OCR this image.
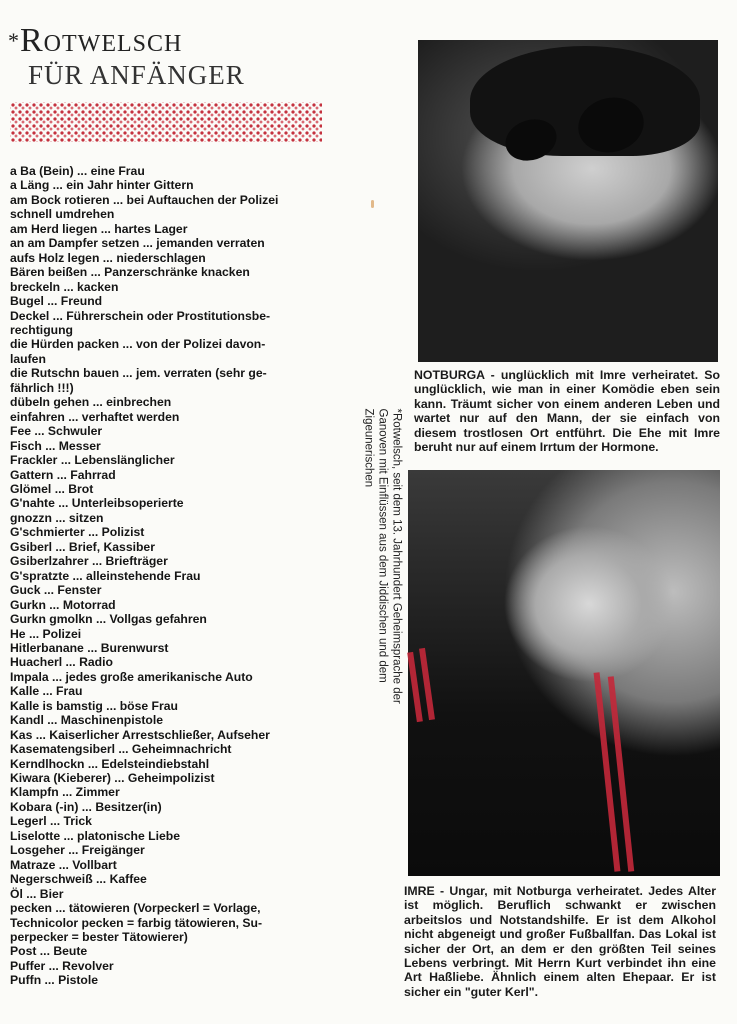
*Rotwelsch
FÜR ANFÄNGER
a Ba (Bein) ... eine Frau
a Läng ... ein Jahr hinter Gittern
am Bock rotieren ... bei Auftauchen der Polizei
schnell umdrehen
am Herd liegen ... hartes Lager
an am Dampfer setzen ... jemanden verraten
aufs Holz legen ... niederschlagen
Bären beißen ... Panzerschränke knacken
breckeln ... kacken
Bugel ... Freund
Deckel ... Führerschein oder Prostitutionsbe-
rechtigung
die Hürden packen ... von der Polizei davon-
laufen
die Rutschn bauen ... jem. verraten (sehr ge-
fährlich !!!)
dübeln gehen ... einbrechen
einfahren ... verhaftet werden
Fee ... Schwuler
Fisch ... Messer
Frackler ... Lebenslänglicher
Gattern ... Fahrrad
Glömel ... Brot
G'nahte ... Unterleibsoperierte
gnozzn ... sitzen
G'schmierter ... Polizist
Gsiberl ... Brief, Kassiber
Gsiberlzahrer ... Briefträger
G'spratzte ... alleinstehende Frau
Guck ... Fenster
Gurkn ... Motorrad
Gurkn gmolkn ... Vollgas gefahren
He ... Polizei
Hitlerbanane ... Burenwurst
Huacherl ... Radio
Impala ... jedes große amerikanische Auto
Kalle ... Frau
Kalle is bamstig ... böse Frau
Kandl ... Maschinenpistole
Kas ... Kaiserlicher Arrestschließer, Aufseher
Kasematengsiberl ... Geheimnachricht
Kerndlhockn ... Edelsteindiebstahl
Kiwara (Kieberer) ... Geheimpolizist
Klampfn ... Zimmer
Kobara (-in) ... Besitzer(in)
Legerl ... Trick
Liselotte ... platonische Liebe
Losgeher ... Freigänger
Matraze ... Vollbart
Negerschweiß ... Kaffee
Öl ... Bier
pecken ... tätowieren (Vorpeckerl = Vorlage,
Technicolor pecken = farbig tätowieren, Su-
perpecker = bester Tätowierer)
Post ... Beute
Puffer ... Revolver
Puffn ... Pistole
*Rotwelsch, seit dem 13. Jahrhundert Geheimsprache der Ganoven mit Einflüssen aus dem Jiddischen und dem Zigeunerischen
NOTBURGA - unglücklich mit Imre verheiratet. So unglücklich, wie man in einer Komödie eben sein kann. Träumt sicher von einem anderen Leben und wartet nur auf den Mann, der sie einfach von diesem trostlosen Ort entführt. Die Ehe mit Imre beruht nur auf einem Irrtum der Hormone.
IMRE - Ungar, mit Notburga verheiratet. Jedes Alter ist möglich. Beruflich schwankt er zwischen arbeitslos und Notstandshilfe. Er ist dem Alkohol nicht abgeneigt und großer Fußballfan. Das Lokal ist sicher der Ort, an dem er den größten Teil seines Lebens verbringt. Mit Herrn Kurt verbindet ihn eine Art Haßliebe. Ähnlich einem alten Ehepaar. Er ist sicher ein "guter Kerl".
